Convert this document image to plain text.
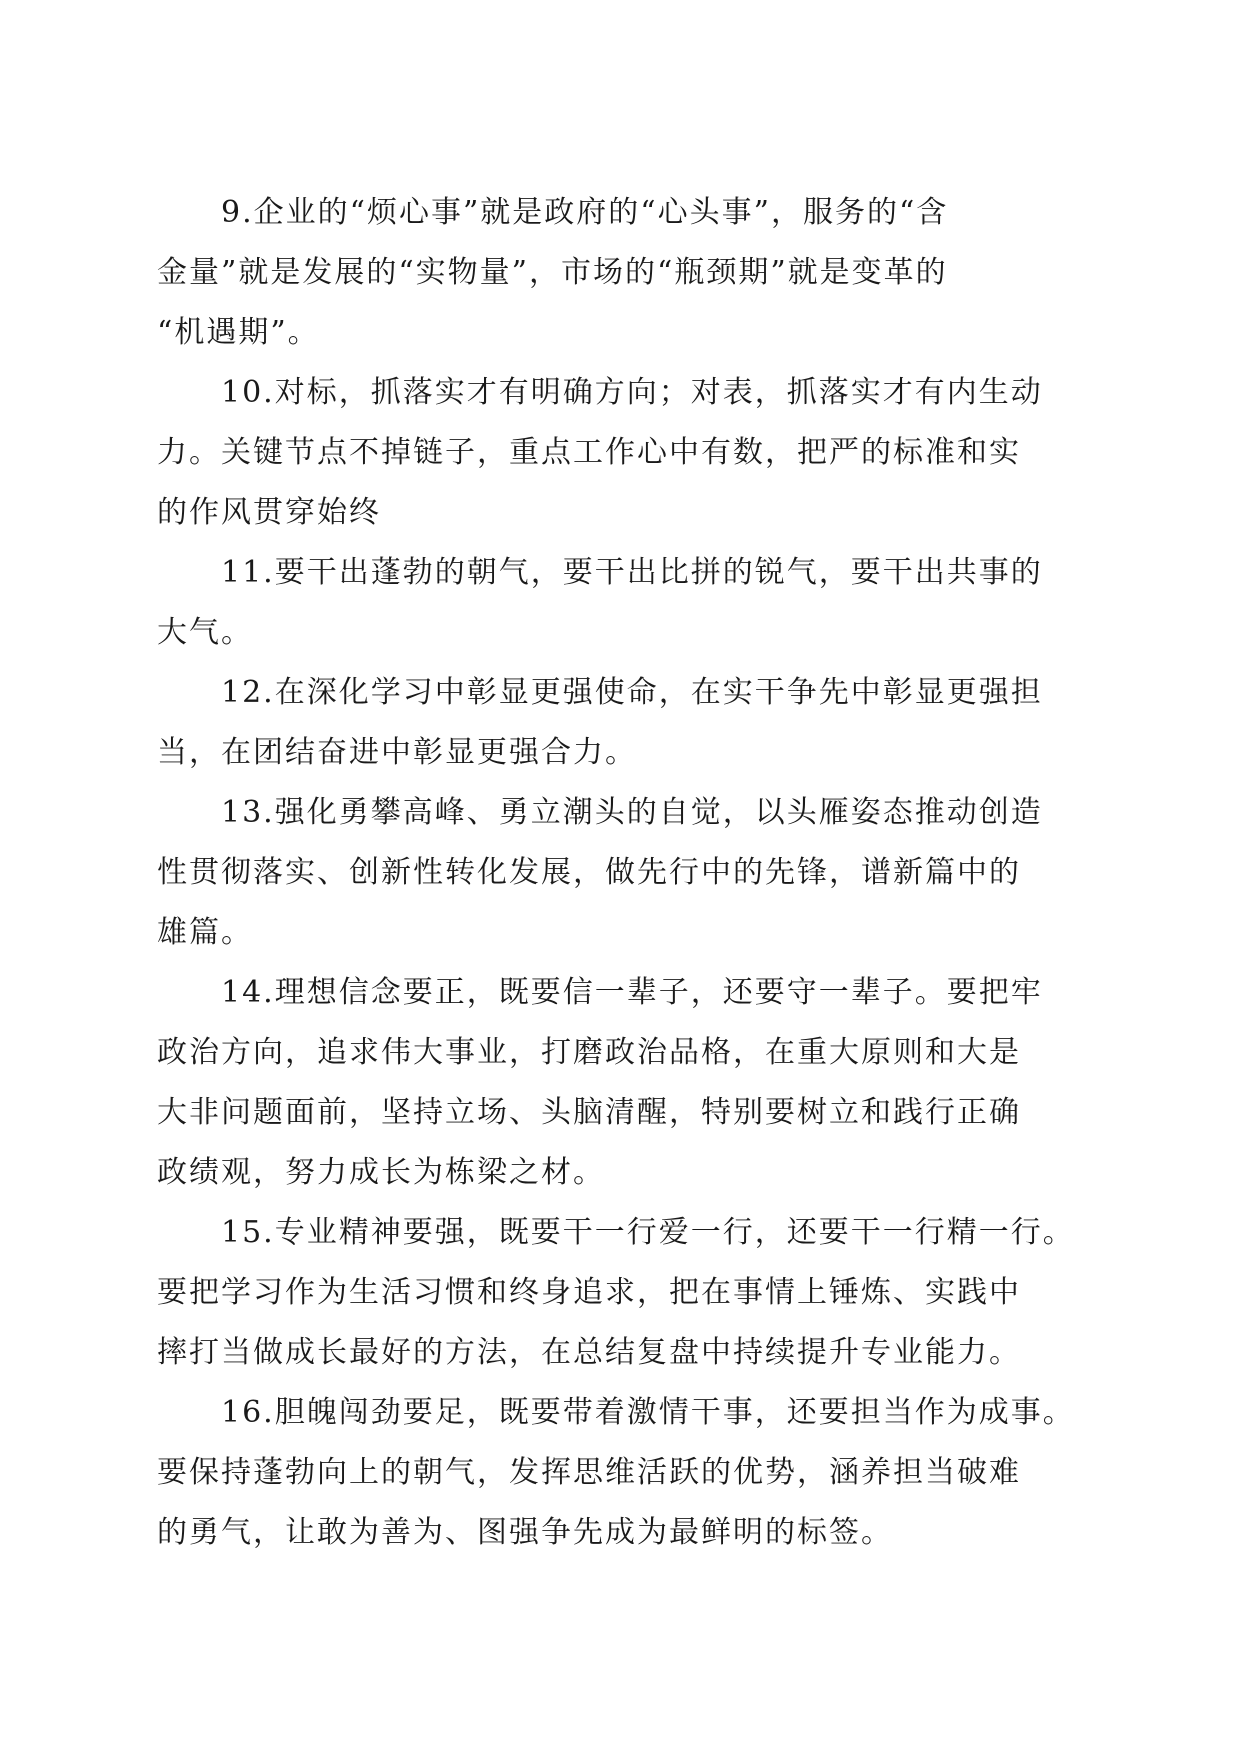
9.企业的“烦心事”就是政府的“心头事”，服务的“含
金量”就是发展的“实物量”，市场的“瓶颈期”就是变革的
“机遇期”。
10.对标，抓落实才有明确方向；对表，抓落实才有内生动
力。关键节点不掉链子，重点工作心中有数，把严的标准和实
的作风贯穿始终
11.要干出蓬勃的朝气，要干出比拼的锐气，要干出共事的
大气。
12.在深化学习中彰显更强使命，在实干争先中彰显更强担
当，在团结奋进中彰显更强合力。
13.强化勇攀高峰、勇立潮头的自觉，以头雁姿态推动创造
性贯彻落实、创新性转化发展，做先行中的先锋，谱新篇中的
雄篇。
14.理想信念要正，既要信一辈子，还要守一辈子。要把牢
政治方向，追求伟大事业，打磨政治品格，在重大原则和大是
大非问题面前，坚持立场、头脑清醒，特别要树立和践行正确
政绩观，努力成长为栋梁之材。
15.专业精神要强，既要干一行爱一行，还要干一行精一行。
要把学习作为生活习惯和终身追求，把在事情上锤炼、实践中
摔打当做成长最好的方法，在总结复盘中持续提升专业能力。
16.胆魄闯劲要足，既要带着激情干事，还要担当作为成事。
要保持蓬勃向上的朝气，发挥思维活跃的优势，涵养担当破难
的勇气，让敢为善为、图强争先成为最鲜明的标签。
